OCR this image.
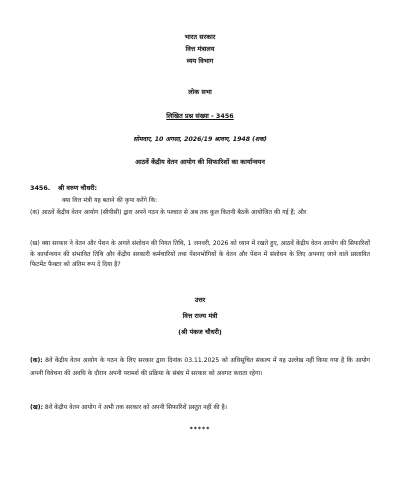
भारत सरकार
वित्त मंत्रालय
व्यय विभाग
लोक सभा
लिखित प्रश्न संख्या - 3456
सोमवार, 10 अगस्त, 2026/19 श्रावण, 1948 (शक)
आठवें केंद्रीय वेतन आयोग की सिफारिशों का कार्यान्वयन
3456. श्री वरुण चौधरी:

क्या वित्त मंत्री यह बताने की कृपा करेंगे कि:

(क) आठवें केंद्रीय वेतन आयोग (सीपीसी) द्वारा अपने गठन के पश्चात से अब तक कुल कितनी बैठकें आयोजित की गई हैं; और

(ख) क्या सरकार ने वेतन और पेंशन के अगले संशोधन की नियत तिथि, 1 जनवरी, 2026 को ध्यान में रखते हुए, आठवें केंद्रीय वेतन आयोग की सिफारिशों के कार्यान्वयन की संभावित तिथि और केंद्रीय सरकारी कर्मचारियों तथा पेंशनभोगियों के वेतन और पेंशन में संशोधन के लिए अपनाए जाने वाले प्रस्तावित फिटमेंट फैक्टर को अंतिम रूप दे दिया है?

उत्तर
वित्त राज्य मंत्री
(श्री पंकज चौधरी)

(क): 8वें केंद्रीय वेतन आयोग के गठन के लिए सरकार द्वारा दिनांक 03.11.2025 को अधिसूचित संकल्प में यह उल्लेख नहीं किया गया है कि आयोग अपनी विवेचना की अवधि के दौरान अपनी परामर्श की प्रक्रिया के संबंध में सरकार को अवगत कराता रहेगा।

(ख): 8वें केंद्रीय वेतन आयोग ने अभी तक सरकार को अपनी सिफारिशें प्रस्तुत नहीं की है।

*****
